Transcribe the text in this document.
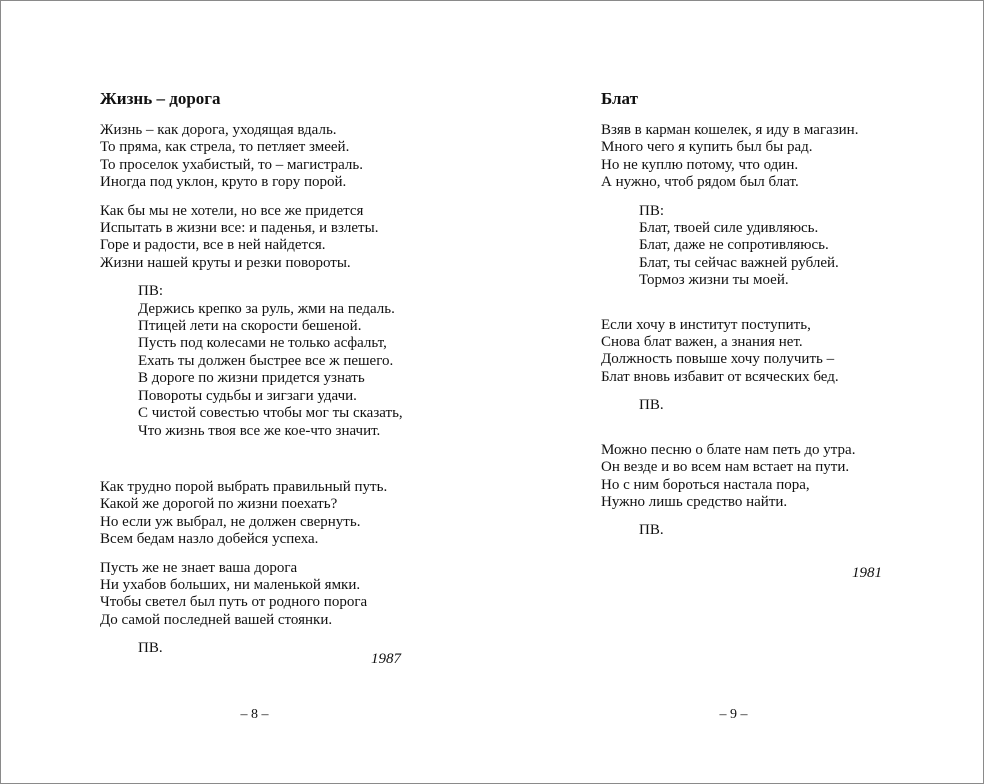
Жизнь – дорога
Жизнь – как дорога, уходящая вдаль.
То пряма, как стрела, то петляет змеей.
То проселок ухабистый, то – магистраль.
Иногда под уклон, круто в гору порой.
Как бы мы не хотели, но все же придется
Испытать в жизни все: и паденья, и взлеты.
Горе и радости, все в ней найдется.
Жизни нашей круты и резки повороты.
ПВ:
Держись крепко за руль, жми на педаль.
Птицей лети на скорости бешеной.
Пусть под колесами не только асфальт,
Ехать ты должен быстрее все ж пешего.
В дороге по жизни придется узнать
Повороты судьбы и зигзаги удачи.
С чистой совестью чтобы мог ты сказать,
Что жизнь твоя все же кое-что значит.
Как трудно порой выбрать правильный путь.
Какой же дорогой по жизни поехать?
Но если уж выбрал, не должен свернуть.
Всем бедам назло добейся успеха.
Пусть же не знает ваша дорога
Ни ухабов больших, ни маленькой ямки.
Чтобы светел был путь от родного порога
До самой последней вашей стоянки.
ПВ.
1987
– 8 –
Блат
Взяв в карман кошелек, я иду в магазин.
Много чего я купить был бы рад.
Но не куплю потому, что один.
А нужно, чтоб рядом был блат.
ПВ:
Блат, твоей силе удивляюсь.
Блат, даже не сопротивляюсь.
Блат, ты сейчас важней рублей.
Тормоз жизни ты моей.
Если хочу в институт поступить,
Снова блат важен, а знания нет.
Должность повыше хочу получить –
Блат вновь избавит от всяческих бед.
ПВ.
Можно песню о блате нам петь до утра.
Он везде и во всем нам встает на пути.
Но с ним бороться настала пора,
Нужно лишь средство найти.
ПВ.
1981
– 9 –
